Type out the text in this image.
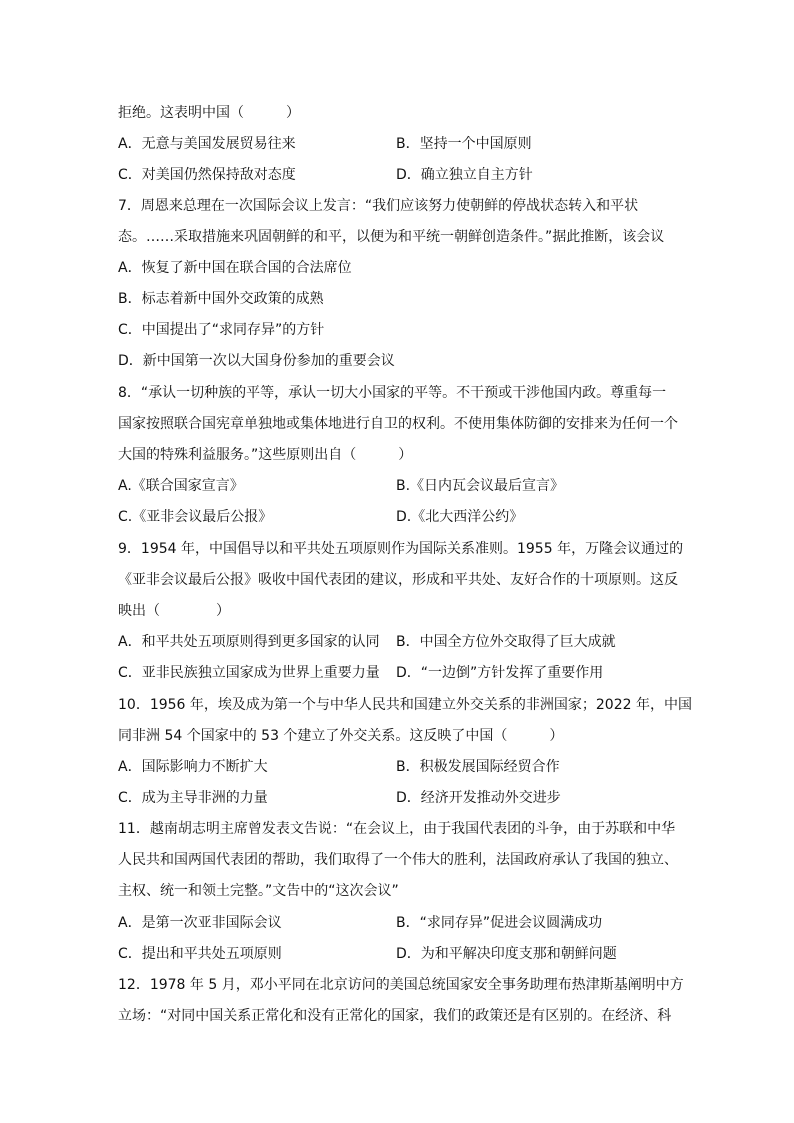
拒绝。这表明中国（　　　）
A．无意与美国发展贸易往来	B．坚持一个中国原则
C．对美国仍然保持敌对态度	D．确立独立自主方针
7．周恩来总理在一次国际会议上发言：“我们应该努力使朝鲜的停战状态转入和平状
态。……采取措施来巩固朝鲜的和平，以便为和平统一朝鲜创造条件。”据此推断，该会议
A．恢复了新中国在联合国的合法席位
B．标志着新中国外交政策的成熟
C．中国提出了“求同存异”的方针
D．新中国第一次以大国身份参加的重要会议
8．“承认一切种族的平等，承认一切大小国家的平等。不干预或干涉他国内政。尊重每一
国家按照联合国宪章单独地或集体地进行自卫的权利。不使用集体防御的安排来为任何一个
大国的特殊利益服务。”这些原则出自（　　　）
A.《联合国家宣言》	B.《日内瓦会议最后宣言》
C.《亚非会议最后公报》	D.《北大西洋公约》
9．1954 年，中国倡导以和平共处五项原则作为国际关系准则。1955 年，万隆会议通过的
《亚非会议最后公报》吸收中国代表团的建议，形成和平共处、友好合作的十项原则。这反
映出（　　　　）
A．和平共处五项原则得到更多国家的认同 B．中国全方位外交取得了巨大成就
C．亚非民族独立国家成为世界上重要力量 D．“一边倒”方针发挥了重要作用
10．1956 年，埃及成为第一个与中华人民共和国建立外交关系的非洲国家；2022 年，中国
同非洲 54 个国家中的 53 个建立了外交关系。这反映了中国（　　　）
A．国际影响力不断扩大	B．积极发展国际经贸合作
C．成为主导非洲的力量	D．经济开发推动外交进步
11．越南胡志明主席曾发表文告说：“在会议上，由于我国代表团的斗争，由于苏联和中华
人民共和国两国代表团的帮助，我们取得了一个伟大的胜利，法国政府承认了我国的独立、
主权、统一和领土完整。”文告中的“这次会议”
A．是第一次亚非国际会议	B．“求同存异”促进会议圆满成功
C．提出和平共处五项原则	D．为和平解决印度支那和朝鲜问题
12．1978 年 5 月，邓小平同在北京访问的美国总统国家安全事务助理布热津斯基阐明中方
立场：“对同中国关系正常化和没有正常化的国家，我们的政策还是有区别的。在经济、科
